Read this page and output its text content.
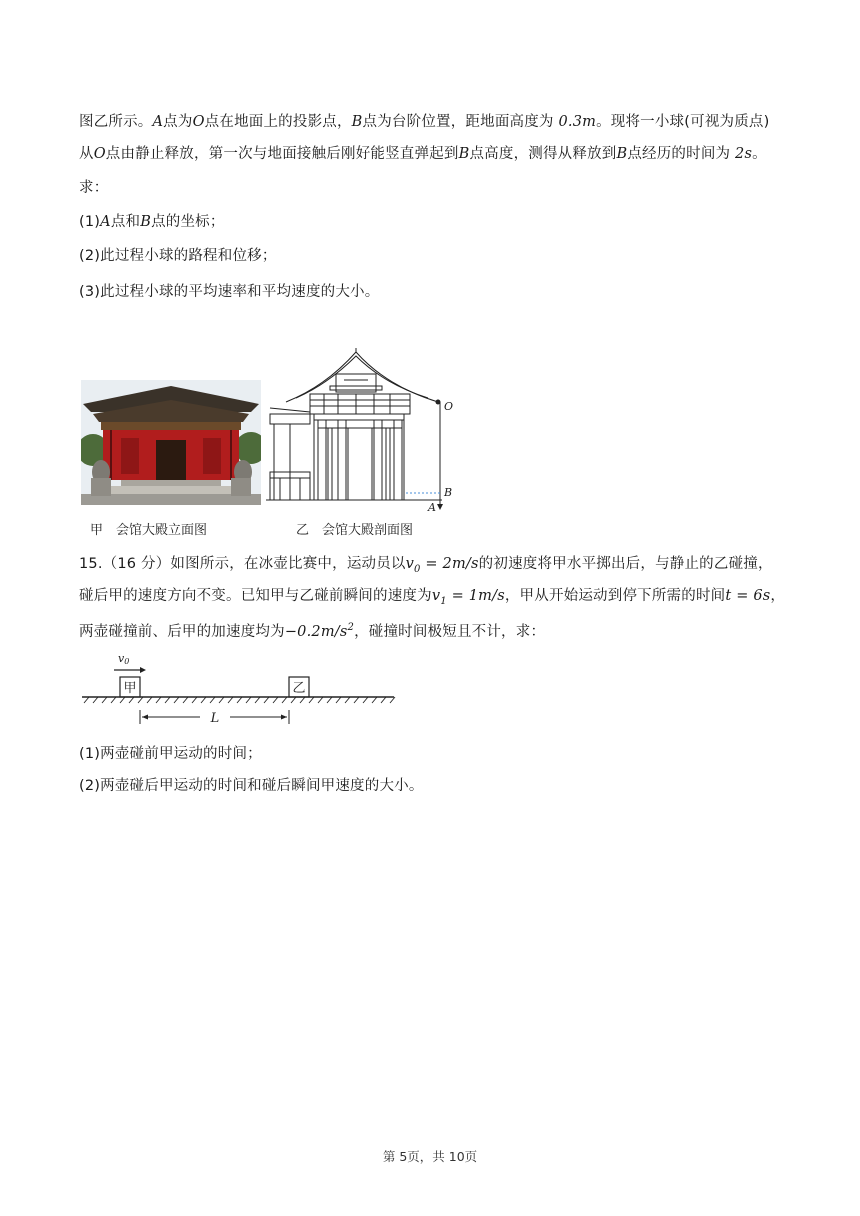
图乙所示。A点为O点在地面上的投影点，B点为台阶位置，距地面高度为 0.3m。现将一小球(可视为质点)
从O点由静止释放，第一次与地面接触后刚好能竖直弹起到B点高度，测得从释放到B点经历的时间为 2s。
求：
(1)A点和B点的坐标；
(2)此过程小球的路程和位移；
(3)此过程小球的平均速率和平均速度的大小。
O
B
A
甲　会馆大殿立面图	乙　会馆大殿剖面图
15.（16 分）如图所示，在冰壶比赛中，运动员以$v_0 = 2m/s$的初速度将甲水平掷出后，与静止的乙碰撞，
碰后甲的速度方向不变。已知甲与乙碰前瞬间的速度为$v_1 = 1m/s$，甲从开始运动到停下所需的时间t = 6s，
两壶碰撞前、后甲的加速度均为$-0.2m/s^2$，碰撞时间极短且不计，求：
v0
甲	乙
L
(1)两壶碰前甲运动的时间；
(2)两壶碰后甲运动的时间和碰后瞬间甲速度的大小。
第 5页，共 10页
